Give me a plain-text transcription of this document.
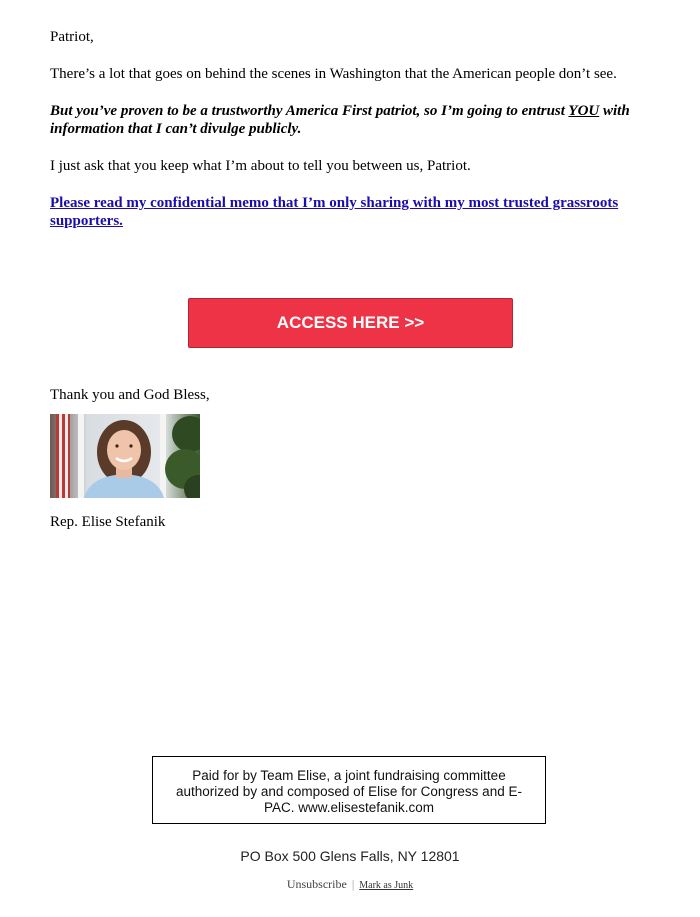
Patriot,

There’s a lot that goes on behind the scenes in Washington that the American people don’t see.

But you’ve proven to be a trustworthy America First patriot, so I’m going to entrust YOU with information that I can’t divulge publicly.

I just ask that you keep what I’m about to tell you between us, Patriot.

Please read my confidential memo that I’m only sharing with my most trusted grassroots supporters.

ACCESS HERE >>
Thank you and God Bless,
Rep. Elise Stefanik
Paid for by Team Elise, a joint fundraising committee authorized by and composed of Elise for Congress and E-PAC. www.elisestefanik.com
PO Box 500 Glens Falls, NY 12801
Unsubscribe | Mark as Junk
